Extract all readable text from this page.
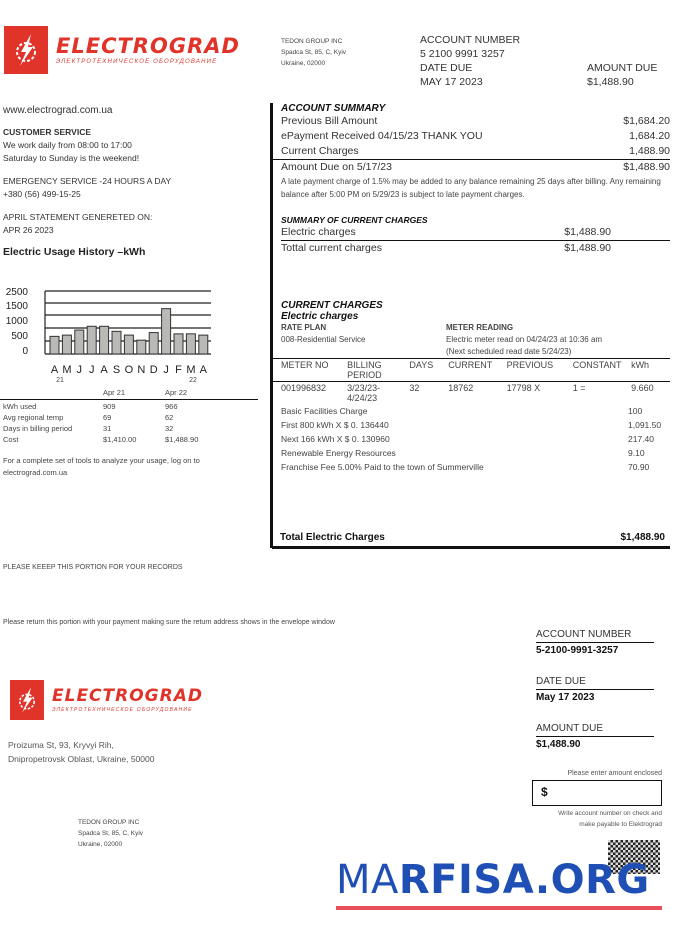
ELECTROGRAD
ЭЛЕКТРОТЕХНИЧЕСКОЕ ОБОРУДОВАНИЕ
TEDON GROUP INC
Spadca St, 85, C, Kyiv
Ukraine, 02000
ACCOUNT NUMBER
5 2100 9991 3257
DATE DUE
MAY 17 2023
AMOUNT DUE
$1,488.90
www.electrograd.com.ua
CUSTOMER SERVICE
We work daily from 08:00 to 17:00
Saturday to Sunday is the weekend!
EMERGENCY SERVICE -24 HOURS A DAY
+380 (56) 499-15-25
APRIL STATEMENT GENERETED ON:
APR 26 2023
Electric Usage History –kWh
2500
1500
1000
500
0
A M J J A S O N D J F M A
21	22
Apr 21	Apr 22
kWh used	909	966
Avg regional temp	69	62
Days in billing period	31	32
Cost	$1,410.00	$1,488.90
For a complete set of tools to analyze your usage, log on to electrograd.com.ua
ACCOUNT SUMMARY
Previous Bill Amount	$1,684.20
ePayment Received 04/15/23 THANK YOU	1,684.20
Current Charges	1,488.90
Amount Due on 5/17/23	$1,488.90
A late payment charge of 1.5% may be added to any balance remaining 25 days after billing. Any remaining balance after 5:00 PM on 5/29/23 is subject to late payment charges.
SUMMARY OF CURRENT CHARGES
Electric charges	$1,488.90
Tottal current charges	$1,488.90
CURRENT CHARGES
Electric charges
RATE PLAN
008-Residential Service
METER READING
Electric meter read on 04/24/23 at 10:36 am
(Next scheduled read date 5/24/23)
METER NO	BILLING PERIOD	DAYS	CURRENT	PREVIOUS	CONSTANT	kWh
001996832	3/23/23- 4/24/23	32	18762	17798 X	1 =	9.660
Basic Facilities Charge	100
First 800 kWh X $ 0. 136440	1,091.50
Next 166 kWh X $ 0. 130960	217.40
Renewable Energy Resources	9.10
Franchise Fee 5.00% Paid to the town of Summerville	70.90
Total Electric Charges	$1,488.90
PLEASE KEEEP THIS PORTION FOR YOUR RECORDS
Please return this portion with your payment making sure the return address shows in the envelope window
ELECTROGRAD
ЭЛЕКТРОТЕХНИЧЕСКОЕ ОБОРУДОВАНИЕ
Proizuma St, 93, Kryvyi Rih,
Dnipropetrovsk Oblast, Ukraine, 50000
TEDON GROUP INC
Spadca St, 85, C, Kyiv
Ukraine, 02000
ACCOUNT NUMBER
5-2100-9991-3257
DATE DUE
May 17 2023
AMOUNT DUE
$1,488.90
Please enter amount enclosed
$
Write account number on check and
make payable to Elektrograd
MARFISA.ORG
